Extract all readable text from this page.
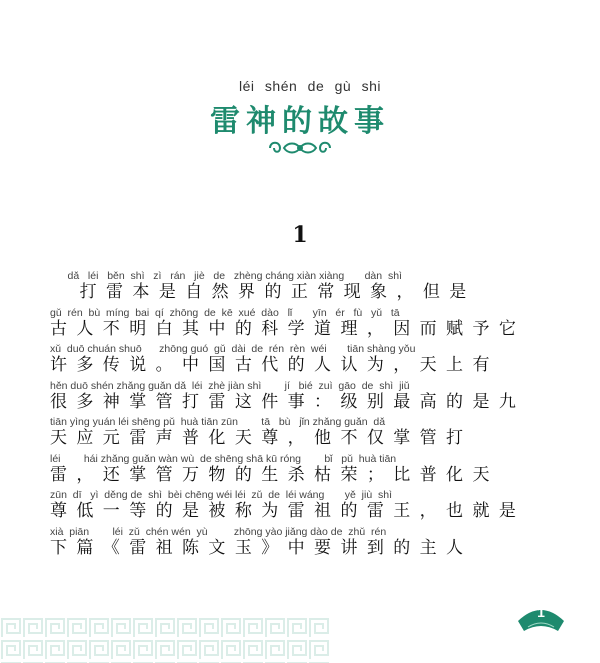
léi shén de gù shi
雷神的故事
1
dǎ   léi   běn  shì   zì   rán   jiè   de   zhèng cháng xiàn xiàng       dàn  shì
打 雷 本 是 自 然 界 的 正 常 现 象 ， 但 是
gǔ  rén  bù  míng  bai  qí  zhōng  de  kē  xué  dào   lǐ       yīn   ér   fù   yǔ   tā
古 人 不 明 白 其 中 的 科 学 道 理 ， 因 而 赋 予 它
xǔ  duō chuán shuō      zhōng guó  gǔ  dài  de  rén  rèn  wéi       tiān shàng yǒu
许 多 传 说 。 中 国 古 代 的 人 认 为 ， 天 上 有
hěn duō shén zhǎng guǎn dǎ  léi  zhè jiàn shì        jí   bié  zuì  gāo  de  shì  jiǔ
很 多 神 掌 管 打 雷 这 件 事 ： 级 别 最 高 的 是 九
tiān yìng yuán léi shēng pǔ  huà tiān zūn        tā   bù   jǐn zhǎng guǎn  dǎ
天 应 元 雷 声 普 化 天 尊 ， 他 不 仅 掌 管 打
léi        hái zhǎng guǎn wàn wù  de shēng shā kū róng        bǐ   pǔ  huà tiān
雷 ， 还 掌 管 万 物 的 生 杀 枯 荣 ； 比 普 化 天
zūn  dī   yì  děng de  shì  bèi chēng wéi léi  zǔ  de  léi wáng       yě  jiù  shì
尊 低 一 等 的 是 被 称 为 雷 祖 的 雷 王 ， 也 就 是
xià  piān        léi  zǔ  chén wén  yù         zhōng yào jiǎng dào de  zhǔ  rén
下 篇 《 雷 祖 陈 文 玉 》 中 要 讲 到 的 主 人
1
